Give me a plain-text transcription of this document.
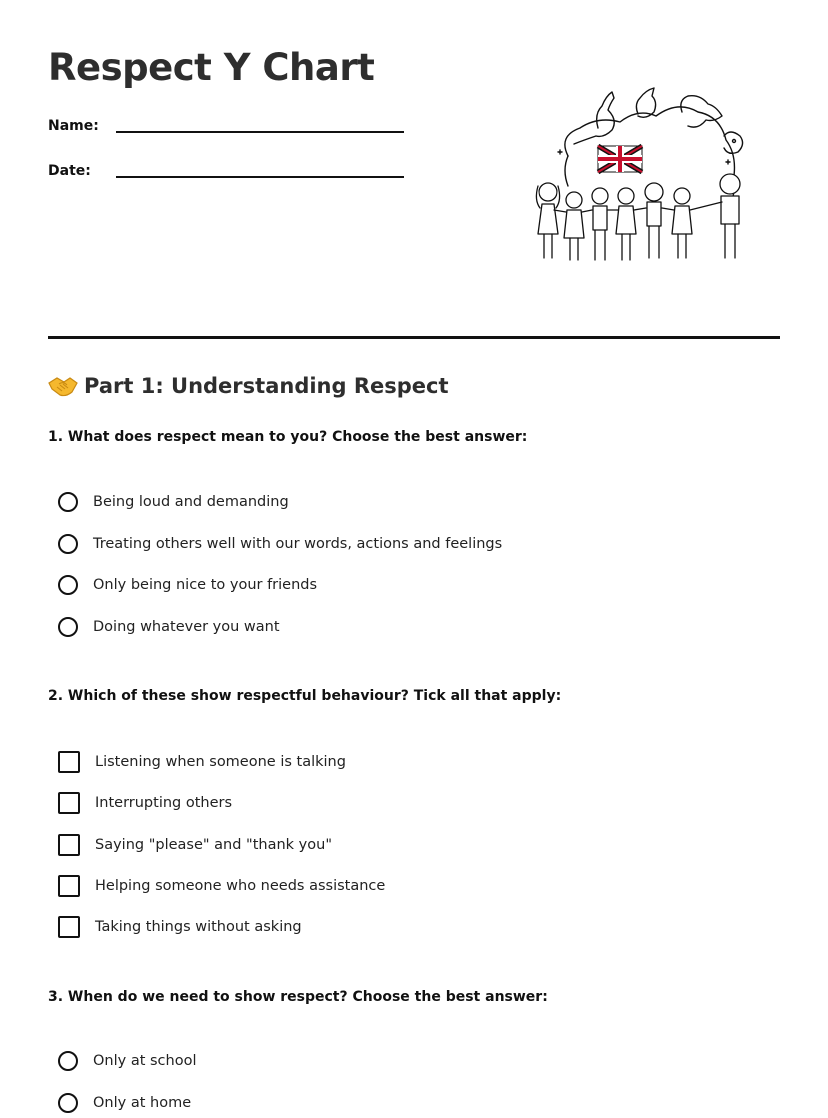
Respect Y Chart
Name:
Date:
Part 1: Understanding Respect

1. What does respect mean to you? Choose the best answer:

Being loud and demanding
Treating others well with our words, actions and feelings
Only being nice to your friends
Doing whatever you want

2. Which of these show respectful behaviour? Tick all that apply:

Listening when someone is talking
Interrupting others
Saying "please" and "thank you"
Helping someone who needs assistance
Taking things without asking

3. When do we need to show respect? Choose the best answer:

Only at school
Only at home
